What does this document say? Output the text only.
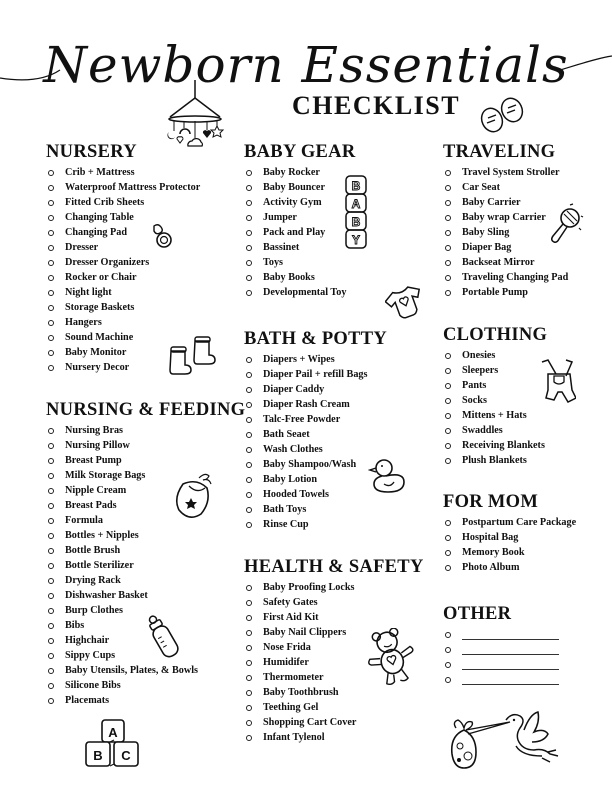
Newborn Essentials
CHECKLIST
NURSERY
Crib + Mattress
Waterproof Mattress Protector
Fitted Crib Sheets
Changing Table
Changing Pad
Dresser
Dresser Organizers
Rocker or Chair
Night light
Storage Baskets
Hangers
Sound Machine
Baby Monitor
Nursery Decor
NURSING & FEEDING
Nursing Bras
Nursing Pillow
Breast Pump
Milk Storage Bags
Nipple Cream
Breast Pads
Formula
Bottles + Nipples
Bottle Brush
Bottle Sterilizer
Drying Rack
Dishwasher Basket
Burp Clothes
Bibs
Highchair
Sippy Cups
Baby Utensils, Plates, & Bowls
Silicone Bibs
Placemats
A
B C
BABY GEAR
Baby Rocker
Baby Bouncer
Activity Gym
Jumper
Pack and Play
Bassinet
Toys
Baby Books
Developmental Toy
B
A
B
Y
BATH & POTTY
Diapers + Wipes
Diaper Pail + refill Bags
Diaper Caddy
Diaper Rash Cream
Talc-Free Powder
Bath Seaet
Wash Clothes
Baby Shampoo/Wash
Baby Lotion
Hooded Towels
Bath Toys
Rinse Cup
HEALTH & SAFETY
Baby Proofing Locks
Safety Gates
First Aid Kit
Baby Nail Clippers
Nose Frida
Humidifer
Thermometer
Baby Toothbrush
Teething Gel
Shopping Cart Cover
Infant Tylenol
TRAVELING
Travel System Stroller
Car Seat
Baby Carrier
Baby wrap Carrier
Baby Sling
Diaper Bag
Backseat Mirror
Traveling Changing Pad
Portable Pump
CLOTHING
Onesies
Sleepers
Pants
Socks
Mittens + Hats
Swaddles
Receiving Blankets
Plush Blankets
FOR MOM
Postpartum Care Package
Hospital Bag
Memory Book
Photo Album
OTHER
